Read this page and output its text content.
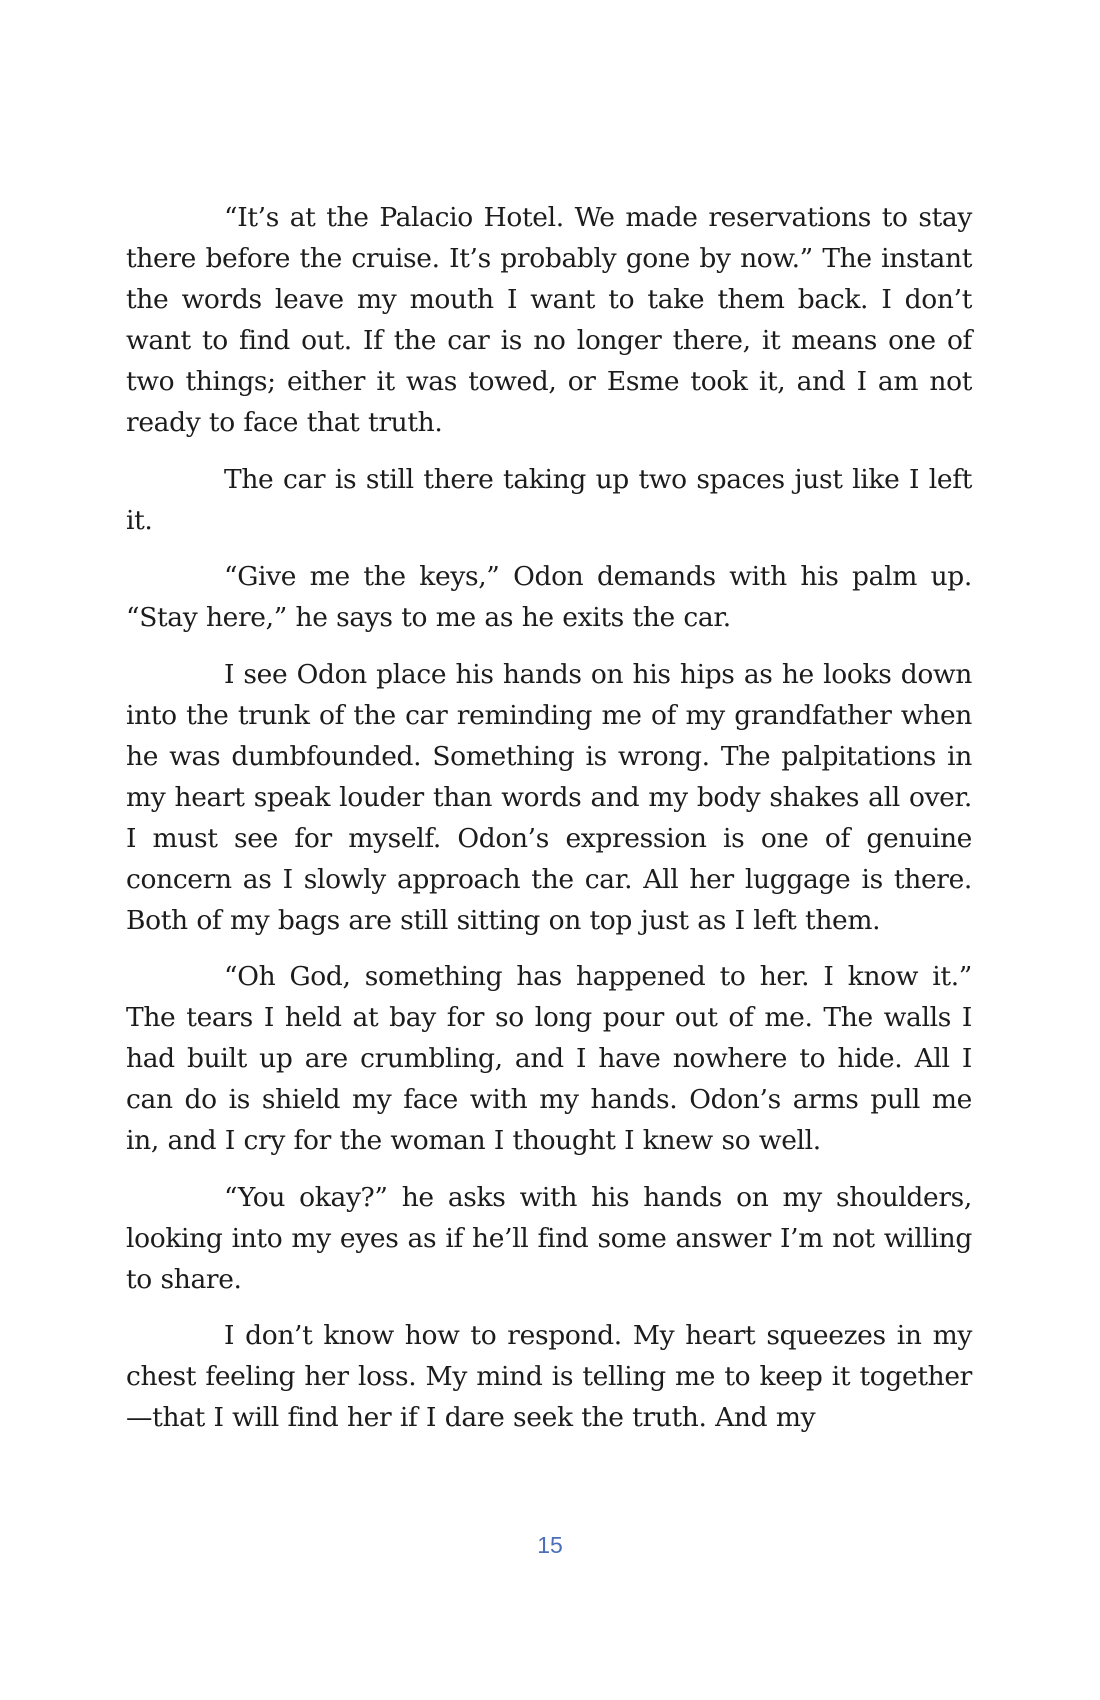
“It’s at the Palacio Hotel. We made reservations to stay there before the cruise. It’s probably gone by now.” The instant the words leave my mouth I want to take them back. I don’t want to find out. If the car is no longer there, it means one of two things; either it was towed, or Esme took it, and I am not ready to face that truth.

The car is still there taking up two spaces just like I left it.

“Give me the keys,” Odon demands with his palm up. “Stay here,” he says to me as he exits the car.

I see Odon place his hands on his hips as he looks down into the trunk of the car reminding me of my grandfather when he was dumbfounded. Something is wrong. The palpitations in my heart speak louder than words and my body shakes all over. I must see for myself. Odon’s expression is one of genuine concern as I slowly approach the car. All her luggage is there. Both of my bags are still sitting on top just as I left them.

“Oh God, something has happened to her. I know it.” The tears I held at bay for so long pour out of me. The walls I had built up are crumbling, and I have nowhere to hide. All I can do is shield my face with my hands. Odon’s arms pull me in, and I cry for the woman I thought I knew so well.

“You okay?” he asks with his hands on my shoulders, looking into my eyes as if he’ll find some answer I’m not willing to share.

I don’t know how to respond. My heart squeezes in my chest feeling her loss. My mind is telling me to keep it together—that I will find her if I dare seek the truth. And my

15
